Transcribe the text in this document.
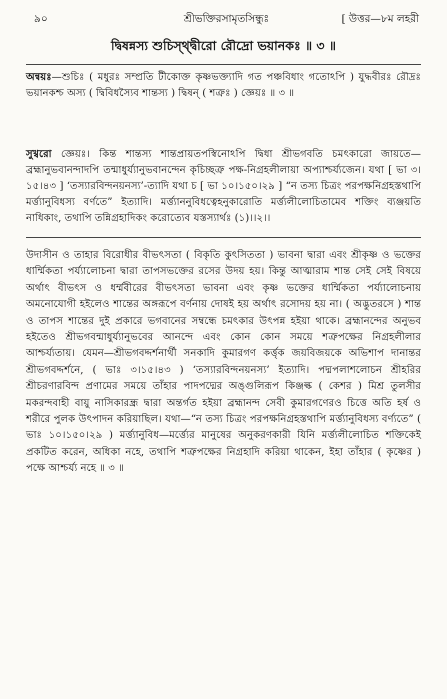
৯০	শ্রীভক্তিরসামৃতসিন্ধুঃ	[ উত্তর—৮ম লহরী
দ্বিষন্নস্য শুচিস্থ্দ্বীরো রৌদ্রো ভয়ানকঃ ॥ ৩ ॥

অন্বয়ঃ—শুচিঃ ( মধুরঃ সম্প্রতি টীকোক্ত কৃষ্ণভক্ত্যাদি গত পঞ্চবিধাং গতোঽপি ) যুদ্ধবীরঃ রৌদ্রঃ ভয়ানকশ্চ অস্য ( দ্বিবিধস্যৈব শান্তস্য ) দ্বিষন্ ( শত্রুঃ ) জ্ঞেয়ঃ ॥ ৩ ॥

সুখ্বরো জ্ঞেয়ঃ। কিন্ত শান্তস্য শান্তপ্রায়তপস্বিনোঽপি দ্বিধা শ্রীভগবতি চমৎকারো জায়তে—ব্রহ্মানুভবানন্দাদপি তন্মাধুর্য্যানুভবানন্দেন কৃচিচ্ছত্রু পক্ষ-নিগ্রহলীলায়া অপ্যাশ্চর্য্যজেন। যথা [ ভা ৩।১৫।৪৩ ] ‘তস্যারবিন্দনয়নস্য’-ত্যাদি যথা চ [ ভা ১০।১৫০।২৯ ] “ন তস্য চিত্রং পরপক্ষনিগ্রহস্তথাপি মর্ত্ত্যানুবিধস্য বর্ণতে” ইত্যাদি। মর্ত্ত্যাননুবিধত্বেহনুকারোতি মর্ত্ত্যলীলোচিতামেব শক্তিং ব্যঞ্জয়তি নাধিকাং, তথাপি তন্নিগ্রহাদিকং করোত্যেব যস্তস্যার্থঃ (১)।।২।।

উদাসীন ও তাহার বিরোধীর বীভৎসতা ( বিকৃতি কুৎসিততা ) ভাবনা দ্বারা এবং শ্রীকৃষ্ণ ও ভক্তের ধার্ম্মিকতা পর্য্যালোচনা দ্বারা তাপসভক্তের রসের উদয় হয়। কিন্তু আত্মারাম শান্ত সেই সেই বিষয়ে অর্থাৎ বীভৎস ও ধর্ম্মবীরের বীভৎসতা ভাবনা এবং কৃষ্ণ ভক্তের ধার্ম্মিকতা পর্য্যালোচনায় অমনোযোগী হইলেও শান্তের অঙ্গরূপে বর্ণনায় দোষই হয় অর্থাৎ রসোদয় হয় না। ( অদ্ভুতরসে ) শান্ত ও তাপস শান্তের দুই প্রকারে ভগবানের সম্বন্ধে চমৎকার উৎপন্ন হইয়া থাকে। ব্রহ্মানন্দের অনুভব হইতেও শ্রীভগবন্মাধুর্য্যানুভবের আনন্দে এবং কোন কোন সময়ে শত্রুপক্ষের নিগ্রহলীলার আশ্চর্য্যতায়। যেমন—শ্রীভগবদ্দর্শনার্থী সনকাদি কুমারগণ কর্ত্তৃক জয়বিজয়কে অভিশাপ দানান্তর শ্রীভগবদ্দর্শনে, ( ভাঃ ৩।১৫।৪৩ ) ‘তস্যারবিন্দনয়নস্য’ ইত্যাদি। পদ্মপলাশলোচন শ্রীহরির শ্রীচরণারবিন্দ প্রণামের সময়ে তাঁহার পাদপদ্মের অঙ্গুলিরূপ কিঞ্জল্ক ( কেশর ) মিশ্র তুলসীর মকরন্দবাহী বায়ু নাসিকারন্ধ্র দ্বারা অন্তর্গত হইয়া ব্রহ্মানন্দ সেবী কুমারগণেরও চিত্তে অতি হর্ষ ও শরীরে পুলক উৎপাদন করিয়াছিল। যথা—“ন তস্য চিত্রং পরপক্ষনিগ্রহস্তথাপি মর্ত্ত্যানুবিধস্য বর্ণ্যতে” ( ভাঃ ১০।১৫০।২৯ ) মর্ত্ত্যানুবিধ—মর্ত্ত্যের মানুষের অনুকরণকারী যিনি মর্ত্ত্যলীলোচিত শক্তিকেই প্রকটিত করেন, অধিকা নহে, তথাপি শত্রুপক্ষের নিগ্রহাদি করিয়া থাকেন, ইহা তাঁহার ( কৃষ্ণের ) পক্ষে আশ্চর্য্য নহে ॥ ৩ ॥
